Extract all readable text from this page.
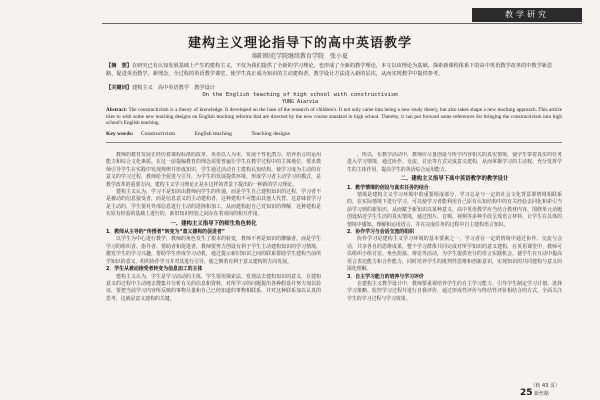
教学研究
建构主义理论指导下的高中英语教学
绵阳师范学院继续教育学院　张小夏
【摘　要】在研究已有认知发展基础上产生的建构主义，不仅为我们提供了全新的学习理论，也形成了全新的教学理论，本文以该理论为基础，探索新课程体系下的高中英语教学改革的中教学新思路，促进英语教学，新理念，全过程的英语教学课堂，使学生真正成为知识的主动建构者，教学设计方法进入新的层次，从而实现教学中提供参考。
【关键词】建构主义　高中英语教学　教学设计
On the English teaching of high school with constructivism
YUNG Aiarvia
Abstract: The constructivism is a theory of knowledge. It developed on the base of the research of children's. It not only came into being a new study theory, but also takes shape a new teaching approach. This article tries to with some new teaching designs on English teaching reforms that are directed by the new course standard in high school. Thereby, it can put forward some references for bringing the constructivism into high school's English teaching.
Key words: Constructivism	English teaching	Teaching designs

教师的教育发展正经历着课程标准的改革，英语以人为本，发展个性化潜力，培养语言的运用能力和综合文化素质。在这一前提编教育的理念需要普遍让学生在教学过程中的主体地位，要求教师引导学生在实践中发现规律并形成知识，学生通过活动自主建构认知结构，使学习成为主动的有意义的学习过程，教师给予促进与引导，为学生的发展提供环境，形成学习者主动学习的模式，是教学改革的重要方向。建构主义学习理论正是在这样的背景下提出的一种新的学习理论。

建构主义认为，学习不是知识由教师向学生的传递，而是学生自己建构知识的过程，学习者不是被动的信息接受者，而是信息意义的主动建构者，这种建构不可能由其他人代替。这意味着学习是主动的，学生要对外部信息进行主动的选择和加工，从而建构起自己对知识的理解，这种建构是在原有经验的基础上进行的，新旧知识经验之间存在着双向的相互作用。

一、建构主义指导下的师生角色转化

1．教师从主导的“传授者”转变为“意义建构的促进者”

以学生为中心进行教学，教师的角色发生了根本的转变，教师不再是知识的灌输者，而是学生学习的组织者、指导者、帮助者和促进者，教师要努力创设有利于学生主动建构知识的学习情境，激发学生的学习兴趣，帮助学生形成学习动机，通过提示新旧知识之间的联系帮助学生建构当前所学知识的意义，组织协作学习并对其进行引导，使之朝着有利于意义建构的方向发展。

2．学生从被动接受者转变为信息加工的主体

建构主义认为，学生是学习活动的主体，学生要用探索法、发现法去建构知识的意义，在建构意义的过程中主动地去搜集并分析有关的信息和资料，对所学习的问题提出各种假设并努力加以验证，要把当前学习内容所反映的事物尽量和自己已经知道的事物相联系，并对这种联系加以认真的思考，这就是意义建构的关键。

，所以，在教学活动中，教师应尽量创设与所学内容相关的真实情境，使学生带着真实的任务进入学习情境，通过协作、交流、讨论等方式完成意义建构，从而掌握学习的主动权，充分发挥学生的主体作用，提高学生的英语综合运用能力。

二、建构主义指导下高中英语教学的教学设计

1．教学情境的创设与真实任务的结合

情境是建构主义学习环境中的重要组成部分，学习总是与一定的社会文化背景即情境相联系的，在实际情境下进行学习，可以使学习者能利用自己原有认知结构中的有关经验去同化和索引当前学习到的新知识，从而赋予新知识以某种意义，高中英语教学应当结合教材内容，围绕单元话题创设贴近学生生活的真实情境，通过图片、音频、视频等多种手段呈现语言材料，让学生在具体的情境中感知、理解和运用语言，并在完成任务的过程中自主建构语言知识。

2．协作学习与会话交流的组织

协作学习是建构主义学习环境的基本要素之一，学习者在一定的情境中通过协作、交流与会话，共享各自的思维成果，整个学习群体共同完成对所学知识的意义建构，在英语课堂中，教师可以组织小组讨论、角色扮演、辩论等活动，为学生提供充分的语言实践机会，使学生在互动中提高语言表达能力和合作能力，同时培养学生的批判性思维和创新意识，实现知识的共同建构与意义的深化理解。

3．自主学习能力的培养与学习评价

在建构主义教学设计中，教师要重视培养学生的自主学习能力，引导学生制定学习计划、选择学习策略、监控学习过程并进行自我评价，通过形成性评价与终结性评价相结合的方式，全面关注学生的学习过程与学习效果。

（转 43 页）
25 新丝路
